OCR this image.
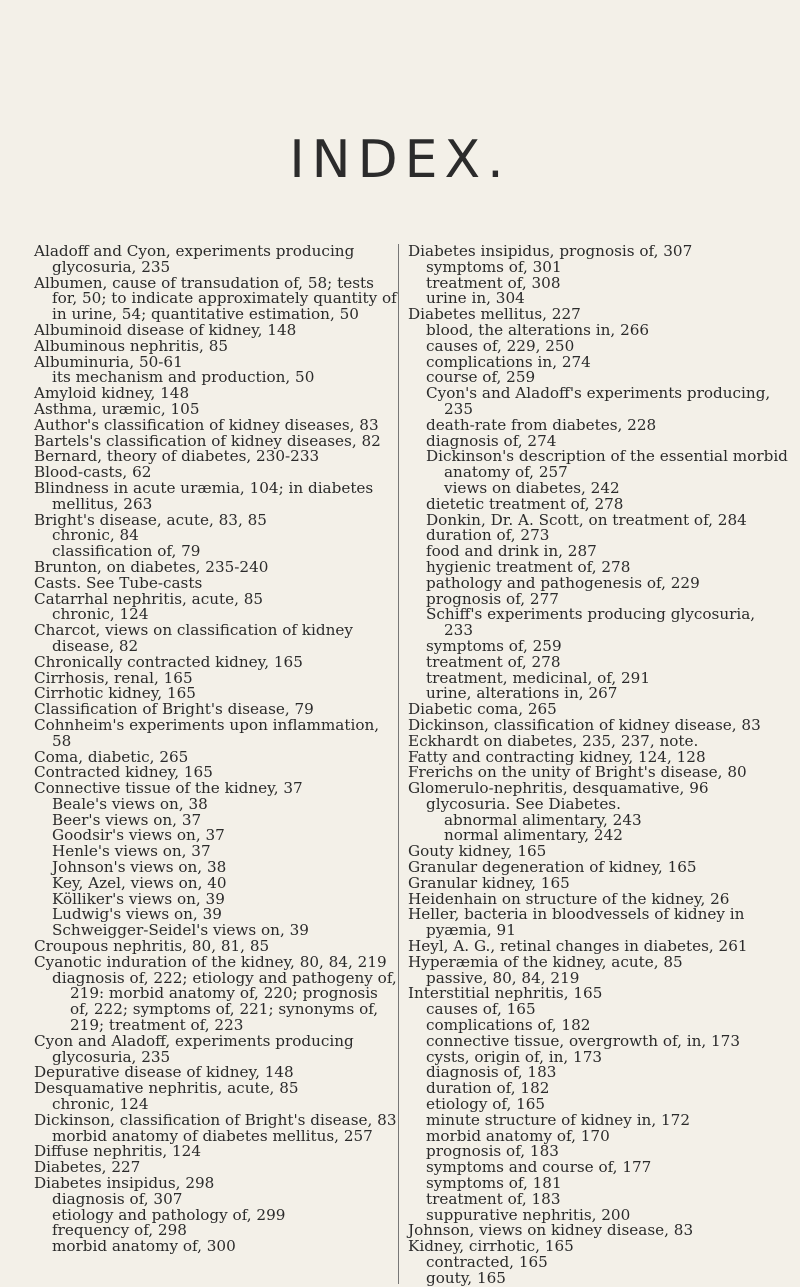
INDEX.

Aladoff and Cyon, experiments producing glycosuria, 235

Albumen, cause of transudation of, 58; tests for, 50; to indicate approximately quantity of in urine, 54; quantitative estimation, 50

Albuminoid disease of kidney, 148

Albuminous nephritis, 85

Albuminuria, 50-61

its mechanism and production, 50

Amyloid kidney, 148

Asthma, uræmic, 105

Author's classification of kidney diseases, 83

Bartels's classification of kidney diseases, 82

Bernard, theory of diabetes, 230-233

Blood-casts, 62

Blindness in acute uræmia, 104; in diabetes mellitus, 263

Bright's disease, acute, 83, 85

chronic, 84

classification of, 79

Brunton, on diabetes, 235-240

Casts. See Tube-casts

Catarrhal nephritis, acute, 85

chronic, 124

Charcot, views on classification of kidney disease, 82

Chronically contracted kidney, 165

Cirrhosis, renal, 165

Cirrhotic kidney, 165

Classification of Bright's disease, 79

Cohnheim's experiments upon inflammation, 58

Coma, diabetic, 265

Contracted kidney, 165

Connective tissue of the kidney, 37

Beale's views on, 38

Beer's views on, 37

Goodsir's views on, 37

Henle's views on, 37

Johnson's views on, 38

Key, Azel, views on, 40

Kölliker's views on, 39

Ludwig's views on, 39

Schweigger-Seidel's views on, 39

Croupous nephritis, 80, 81, 85

Cyanotic induration of the kidney, 80, 84, 219

diagnosis of, 222; etiology and pathogeny of, 219: morbid anatomy of, 220; prognosis of, 222; symptoms of, 221; synonyms of, 219; treatment of, 223

Cyon and Aladoff, experiments producing glycosuria, 235

Depurative disease of kidney, 148

Desquamative nephritis, acute, 85

chronic, 124

Dickinson, classification of Bright's disease, 83

morbid anatomy of diabetes mellitus, 257

Diffuse nephritis, 124

Diabetes, 227

Diabetes insipidus, 298

diagnosis of, 307

etiology and pathology of, 299

frequency of, 298

morbid anatomy of, 300

Diabetes insipidus, prognosis of, 307

symptoms of, 301

treatment of, 308

urine in, 304

Diabetes mellitus, 227

blood, the alterations in, 266

causes of, 229, 250

complications in, 274

course of, 259

Cyon's and Aladoff's experiments producing, 235

death-rate from diabetes, 228

diagnosis of, 274

Dickinson's description of the essential morbid anatomy of, 257

views on diabetes, 242

dietetic treatment of, 278

Donkin, Dr. A. Scott, on treatment of, 284

duration of, 273

food and drink in, 287

hygienic treatment of, 278

pathology and pathogenesis of, 229

prognosis of, 277

Schiff's experiments producing glycosuria, 233

symptoms of, 259

treatment of, 278

treatment, medicinal, of, 291

urine, alterations in, 267

Diabetic coma, 265

Dickinson, classification of kidney disease, 83

Eckhardt on diabetes, 235, 237, note.

Fatty and contracting kidney, 124, 128

Frerichs on the unity of Bright's disease, 80

Glomerulo-nephritis, desquamative, 96

glycosuria. See Diabetes.

abnormal alimentary, 243

normal alimentary, 242

Gouty kidney, 165

Granular degeneration of kidney, 165

Granular kidney, 165

Heidenhain on structure of the kidney, 26

Heller, bacteria in bloodvessels of kidney in pyæmia, 91

Heyl, A. G., retinal changes in diabetes, 261

Hyperæmia of the kidney, acute, 85

passive, 80, 84, 219

Interstitial nephritis, 165

causes of, 165

complications of, 182

connective tissue, overgrowth of, in, 173

cysts, origin of, in, 173

diagnosis of, 183

duration of, 182

etiology of, 165

minute structure of kidney in, 172

morbid anatomy of, 170

prognosis of, 183

symptoms and course of, 177

symptoms of, 181

treatment of, 183

suppurative nephritis, 200

Johnson, views on kidney disease, 83

Kidney, cirrhotic, 165

contracted, 165

gouty, 165
